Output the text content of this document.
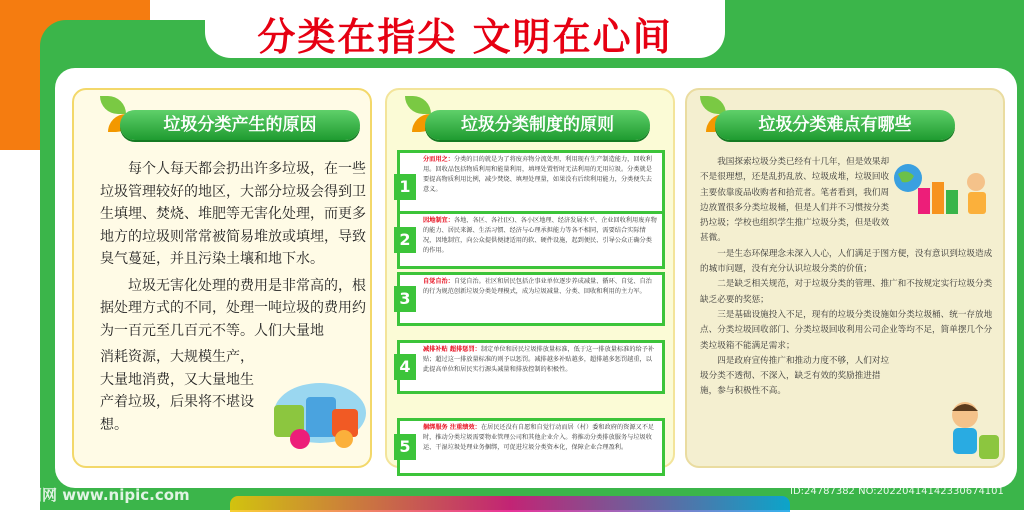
分类在指尖 文明在心间
垃圾分类产生的原因	垃圾分类制度的原则	垃圾分类难点有哪些

每个人每天都会扔出许多垃圾，在一些垃圾管理较好的地区，大部分垃圾会得到卫生填埋、焚烧、堆肥等无害化处理，而更多地方的垃圾则常常被简易堆放或填埋，导致臭气蔓延，并且污染土壤和地下水。

垃圾无害化处理的费用是非常高的，根据处理方式的不同，处理一吨垃圾的费用约为一百元至几百元不等。人们大量地

消耗资源，大规模生产，大量地消费，又大量地生产着垃圾，后果将不堪设想。
1
分而用之：分类的目的就是为了将废弃物分流处理，利用现有生产制造能力，回收利用。回收品包括物质利用和能量利用，填埋处置暂时无法利用的无用垃圾。分类就是要提高物质利用比例，减少焚烧、填埋处理量，如果没有后续利用能力，分类便失去意义。
2
因地制宜：各地、各区、各社(区)、各小区地理、经济发展水平、企业回收利用废弃物的能力、居民来源、生活习惯、经济与心理承担能力等各不相同，需要结合实际情况，因地制宜，向公众提供便捷适用的软、硬件设施，起到便民、引导公众正确分类的作用。
3
自觉自治：自觉自治。社区和居民包括企事业单位逐步养成减量、循环、自觉、自治的行为规范创新垃圾分类处理模式，成为垃圾减量、分类、回收和利用的主力军。
4
减排补贴 超排惩罚：制定单位和居民垃圾排放量标准，低于这一排放量标准的给予补贴；超过这一排放量标准的则予以惩罚。减排越多补贴越多，超排越多惩罚越重，以此提高单位和居民实行源头减量和排放控制的积极性。
5
捆绑服务 注重绩效：在居民还没有自愿和自觉行动而居（村）委和政府的资源又不足时，推动分类垃圾需要物业管理公司和其他企业介入。将推动分类排放服务与垃圾收运、干湿垃圾处理业务捆绑，可促进垃圾分类资本化，保障企业合理盈利。

我国探索垃圾分类已经有十几年，但是效果却不是很理想，还是乱扔乱放、垃圾成堆，垃圾回收主要依靠废品收购者和拾荒者。笔者看到，我们周边放置很多分类垃圾桶，但是人们并不习惯按分类扔垃圾；学校也组织学生推广垃圾分类，但是收效甚微。

一是生态环保理念未深入人心，人们满足于图方便，没有意识到垃圾造成的城市问题，没有充分认识垃圾分类的价值；

二是缺乏相关规范，对于垃圾分类的管理、推广和不按规定实行垃圾分类缺乏必要的奖惩；

三是基础设施投入不足，现有的垃圾分类设施如分类垃圾桶、统一存放地点、分类垃圾回收部门、分类垃圾回收利用公司企业等均不足，简单摆几个分类垃圾箱不能满足需求；

四是政府宣传推广和推动力度不够，人们对垃圾分类不透彻、不深入，缺乏有效的奖励推进措施，参与积极性不高。

昵图网 www.nipic.com	ID:24787382 NO:20220414142330674101
